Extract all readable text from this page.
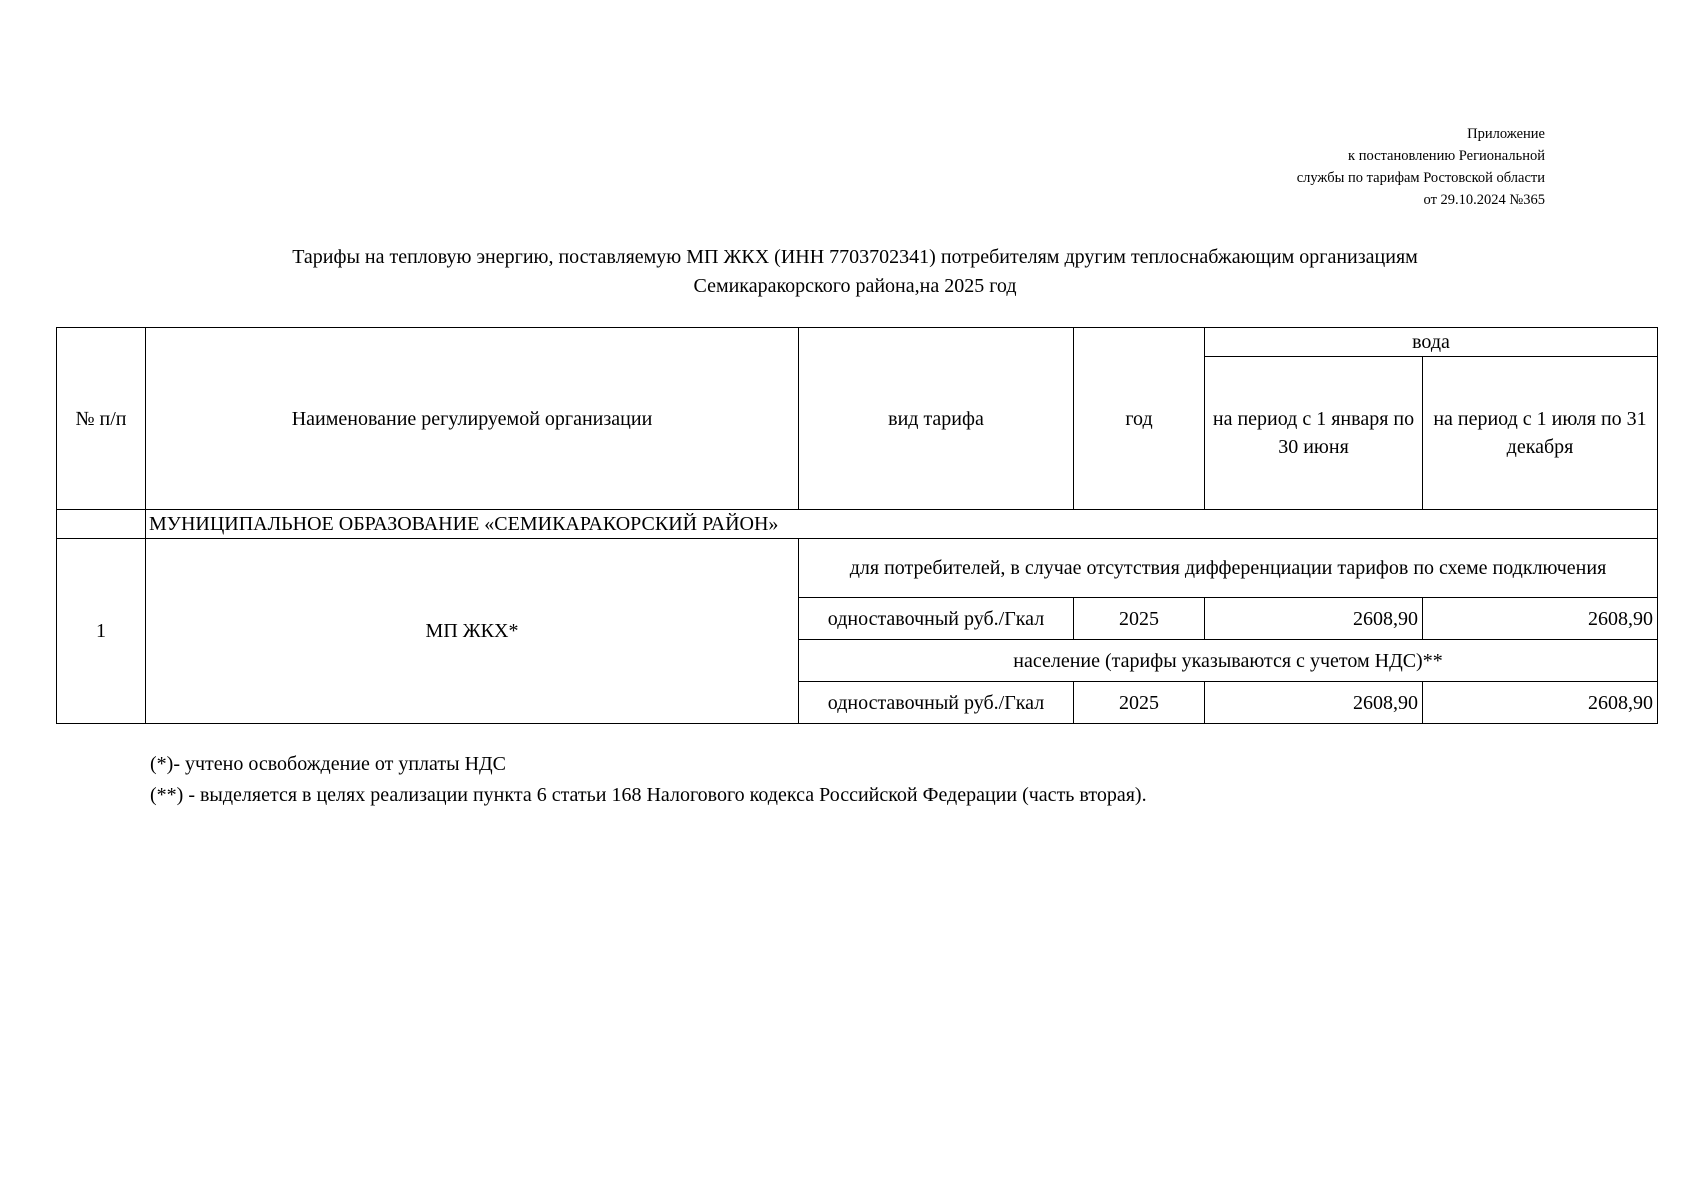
Приложение
к постановлению Региональной
службы по тарифам Ростовской области
от 29.10.2024 №365
Тарифы на тепловую энергию, поставляемую МП ЖКХ (ИНН 7703702341) потребителям другим теплоснабжающим организациям
Семикаракорского района,на 2025 год
№ п/п	Наименование регулируемой организации	вид тарифа	год	вода	
				на период с 1 января по 30 июня	на период с 1 июля по 31 декабря
	МУНИЦИПАЛЬНОЕ ОБРАЗОВАНИЕ «СЕМИКАРАКОРСКИЙ РАЙОН»				
1	МП ЖКХ*	для потребителей, в случае отсутствия дифференциации тарифов по схеме подключения			
		одноставочный руб./Гкал	2025	2608,90	2608,90
		население (тарифы указываются с учетом НДС)**			
		одноставочный руб./Гкал	2025	2608,90	2608,90
(*)- учтено освобождение от уплаты НДС
(**) - выделяется в целях реализации пункта 6 статьи 168 Налогового кодекса Российской Федерации (часть вторая).
